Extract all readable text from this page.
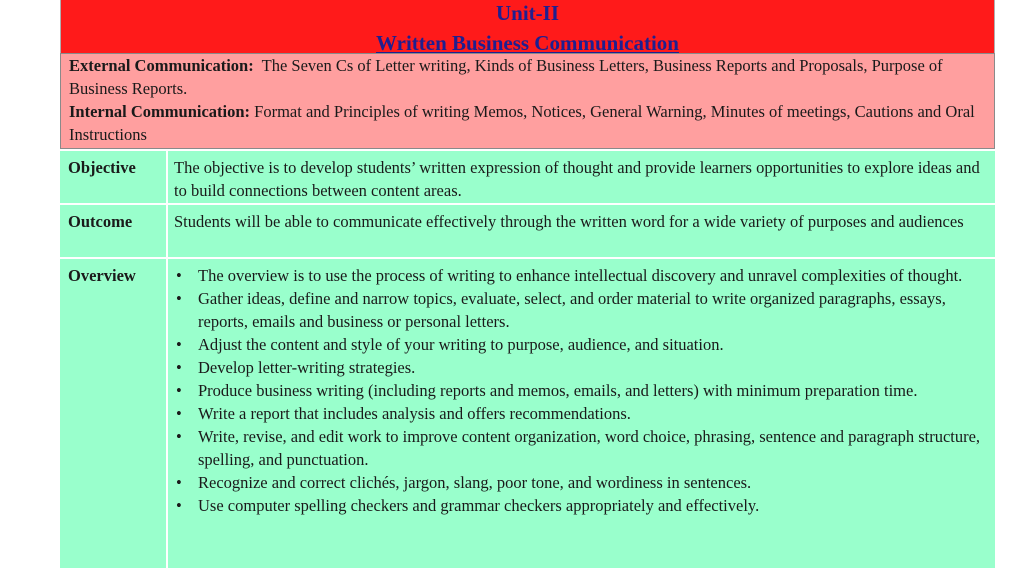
Unit-II
Written Business Communication

External Communication: The Seven Cs of Letter writing, Kinds of Business Letters, Business Reports and Proposals, Purpose of Business Reports.

Internal Communication: Format and Principles of writing Memos, Notices, General Warning, Minutes of meetings, Cautions and Oral Instructions

Objective The objective is to develop students’ written expression of thought and provide learners opportunities to explore ideas and to build connections between content areas.
Outcome	Students will be able to communicate effectively through the written word for a wide variety of purposes and audiences
Overview
•	The overview is to use the process of writing to enhance intellectual discovery and unravel complexities of thought.
• Gather ideas, define and narrow topics, evaluate, select, and order material to write organized paragraphs, essays, reports, emails and business or personal letters.
• Adjust the content and style of your writing to purpose, audience, and situation.
• Develop letter-writing strategies.
• Produce business writing (including reports and memos, emails, and letters) with minimum preparation time.
• Write a report that includes analysis and offers recommendations.
• Write, revise, and edit work to improve content organization, word choice, phrasing, sentence and paragraph structure, spelling, and punctuation.
• Recognize and correct clichés, jargon, slang, poor tone, and wordiness in sentences.
• Use computer spelling checkers and grammar checkers appropriately and effectively.
